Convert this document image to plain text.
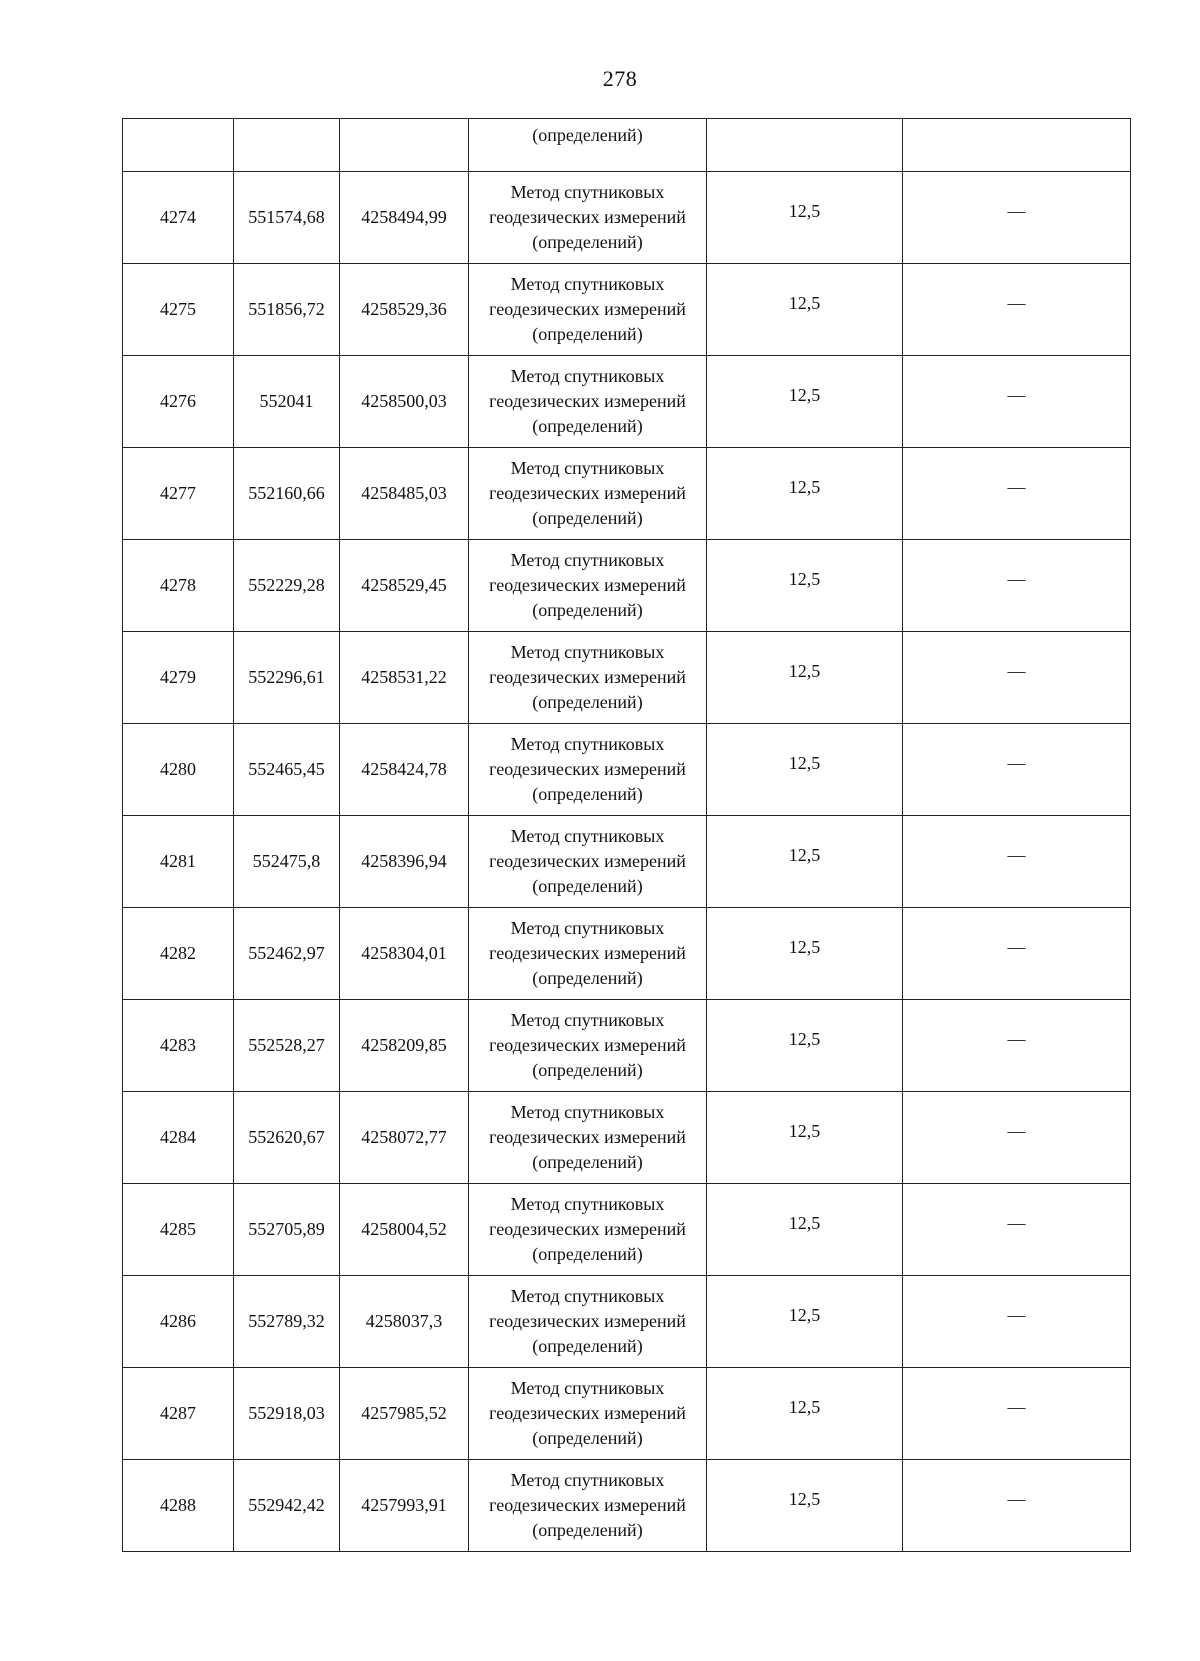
278
			(определений)		
4274	551574,68	4258494,99	Метод спутниковых
геодезических измерений
(определений)	12,5	—
4275	551856,72	4258529,36	Метод спутниковых
геодезических измерений
(определений)	12,5	—
4276	552041	4258500,03	Метод спутниковых
геодезических измерений
(определений)	12,5	—
4277	552160,66	4258485,03	Метод спутниковых
геодезических измерений
(определений)	12,5	—
4278	552229,28	4258529,45	Метод спутниковых
геодезических измерений
(определений)	12,5	—
4279	552296,61	4258531,22	Метод спутниковых
геодезических измерений
(определений)	12,5	—
4280	552465,45	4258424,78	Метод спутниковых
геодезических измерений
(определений)	12,5	—
4281	552475,8	4258396,94	Метод спутниковых
геодезических измерений
(определений)	12,5	—
4282	552462,97	4258304,01	Метод спутниковых
геодезических измерений
(определений)	12,5	—
4283	552528,27	4258209,85	Метод спутниковых
геодезических измерений
(определений)	12,5	—
4284	552620,67	4258072,77	Метод спутниковых
геодезических измерений
(определений)	12,5	—
4285	552705,89	4258004,52	Метод спутниковых
геодезических измерений
(определений)	12,5	—
4286	552789,32	4258037,3	Метод спутниковых
геодезических измерений
(определений)	12,5	—
4287	552918,03	4257985,52	Метод спутниковых
геодезических измерений
(определений)	12,5	—
4288	552942,42	4257993,91	Метод спутниковых
геодезических измерений
(определений)	12,5	—
